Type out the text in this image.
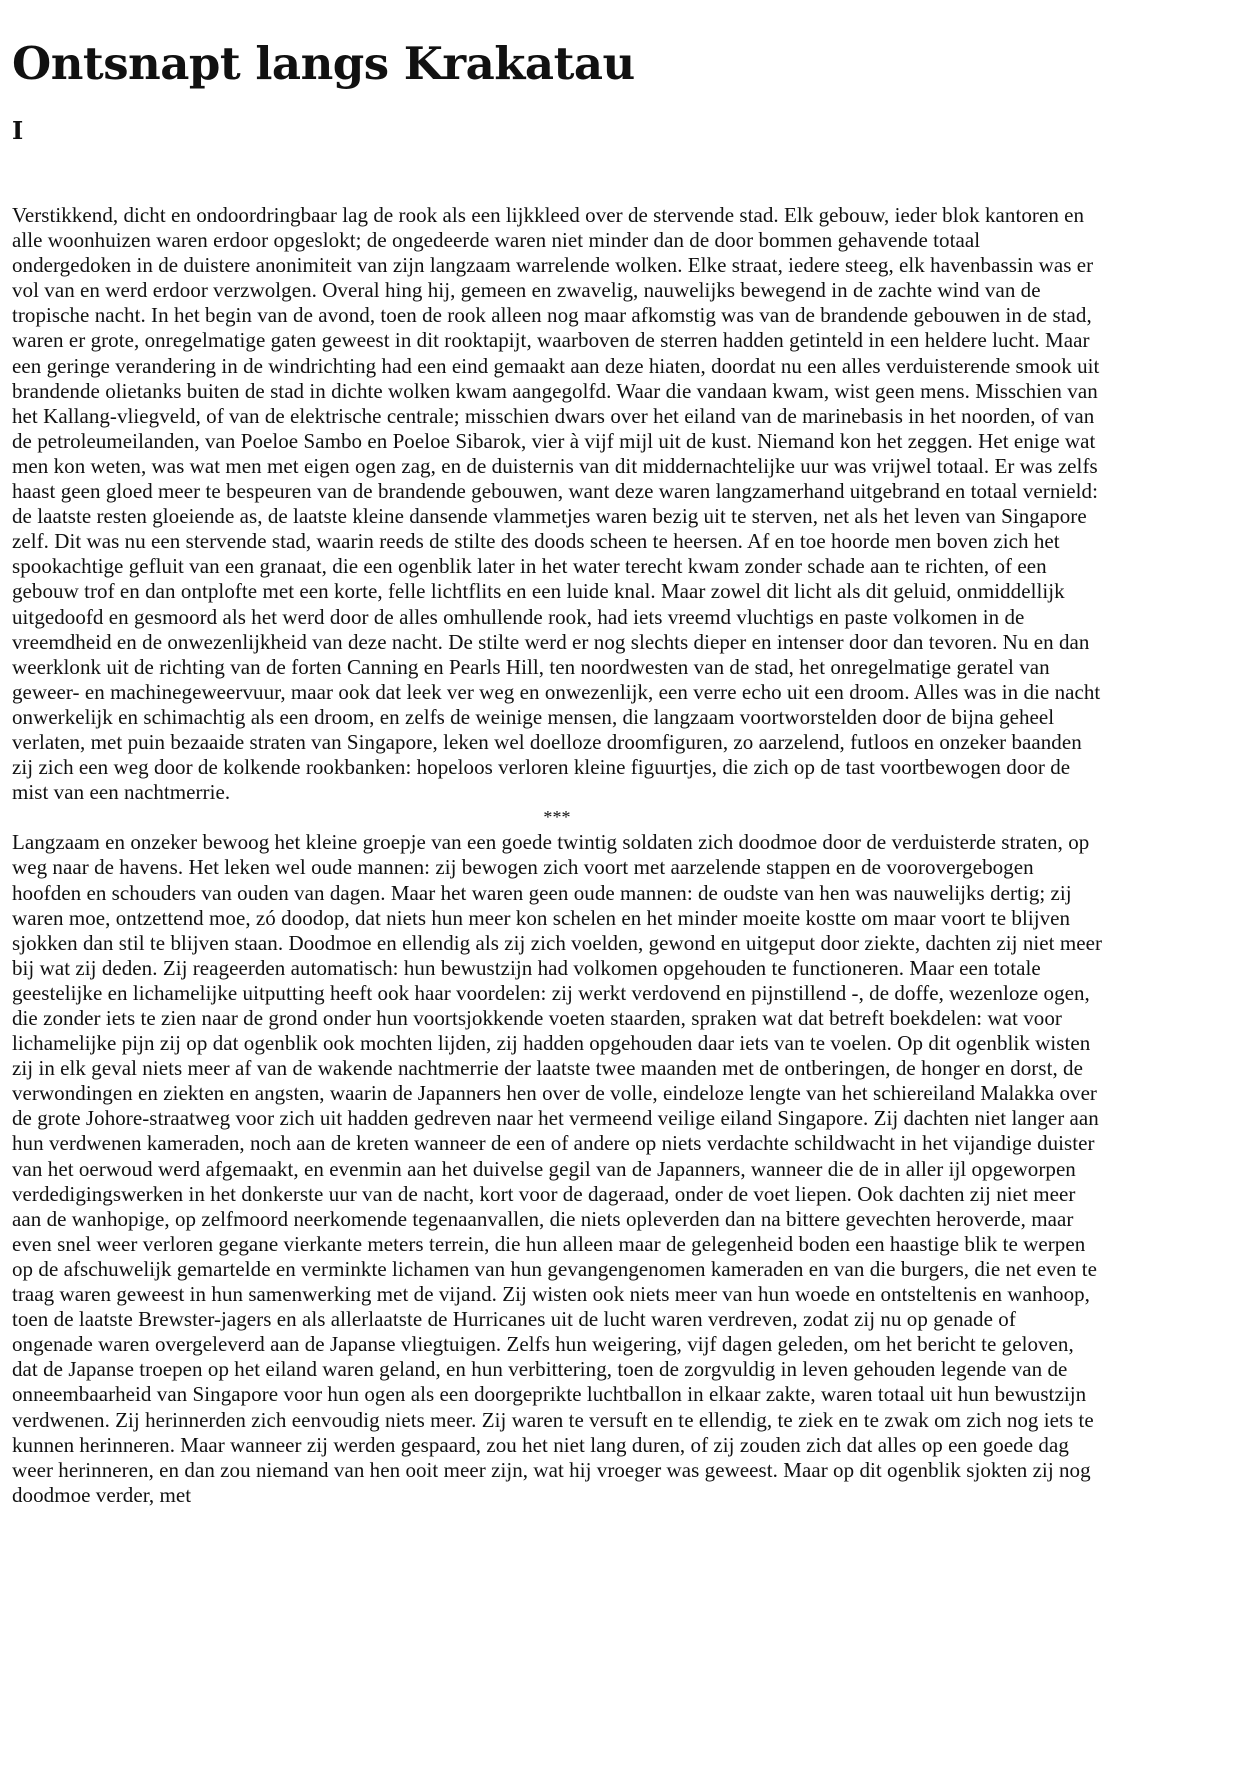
Ontsnapt langs Krakatau
I

Verstikkend, dicht en ondoordringbaar lag de rook als een lijkkleed over de stervende stad. Elk gebouw, ieder blok kantoren en alle woonhuizen waren erdoor opgeslokt; de ongedeerde waren niet minder dan de door bommen gehavende totaal ondergedoken in de duistere anonimiteit van zijn langzaam warrelende wolken. Elke straat, iedere steeg, elk havenbassin was er vol van en werd erdoor verzwolgen. Overal hing hij, gemeen en zwavelig, nauwelijks bewegend in de zachte wind van de tropische nacht. In het begin van de avond, toen de rook alleen nog maar afkomstig was van de brandende gebouwen in de stad, waren er grote, onregelmatige gaten geweest in dit rooktapijt, waarboven de sterren hadden getinteld in een heldere lucht. Maar een geringe verandering in de windrichting had een eind gemaakt aan deze hiaten, doordat nu een alles verduisterende smook uit brandende olietanks buiten de stad in dichte wolken kwam aangegolfd. Waar die vandaan kwam, wist geen mens. Misschien van het Kallang-vliegveld, of van de elektrische centrale; misschien dwars over het eiland van de marinebasis in het noorden, of van de petroleumeilanden, van Poeloe Sambo en Poeloe Sibarok, vier à vijf mijl uit de kust. Niemand kon het zeggen. Het enige wat men kon weten, was wat men met eigen ogen zag, en de duisternis van dit middernachtelijke uur was vrijwel totaal. Er was zelfs haast geen gloed meer te bespeuren van de brandende gebouwen, want deze waren langzamerhand uitgebrand en totaal vernield: de laatste resten gloeiende as, de laatste kleine dansende vlammetjes waren bezig uit te sterven, net als het leven van Singapore zelf. Dit was nu een stervende stad, waarin reeds de stilte des doods scheen te heersen. Af en toe hoorde men boven zich het spookachtige gefluit van een granaat, die een ogenblik later in het water terecht kwam zonder schade aan te richten, of een gebouw trof en dan ontplofte met een korte, felle lichtflits en een luide knal. Maar zowel dit licht als dit geluid, onmiddellijk uitgedoofd en gesmoord als het werd door de alles omhullende rook, had iets vreemd vluchtigs en paste volkomen in de vreemdheid en de onwezenlijkheid van deze nacht. De stilte werd er nog slechts dieper en intenser door dan tevoren. Nu en dan weerklonk uit de richting van de forten Canning en Pearls Hill, ten noordwesten van de stad, het onregelmatige geratel van geweer- en machinegeweervuur, maar ook dat leek ver weg en onwezenlijk, een verre echo uit een droom. Alles was in die nacht onwerkelijk en schimachtig als een droom, en zelfs de weinige mensen, die langzaam voortworstelden door de bijna geheel verlaten, met puin bezaaide straten van Singapore, leken wel doelloze droomfiguren, zo aarzelend, futloos en onzeker baanden zij zich een weg door de kolkende rookbanken: hopeloos verloren kleine figuurtjes, die zich op de tast voortbewogen door de mist van een nachtmerrie.

***

Langzaam en onzeker bewoog het kleine groepje van een goede twintig soldaten zich doodmoe door de verduisterde straten, op weg naar de havens. Het leken wel oude mannen: zij bewogen zich voort met aarzelende stappen en de voorovergebogen hoofden en schouders van ouden van dagen. Maar het waren geen oude mannen: de oudste van hen was nauwelijks dertig; zij waren moe, ontzettend moe, zó doodop, dat niets hun meer kon schelen en het minder moeite kostte om maar voort te blijven sjokken dan stil te blijven staan. Doodmoe en ellendig als zij zich voelden, gewond en uitgeput door ziekte, dachten zij niet meer bij wat zij deden. Zij reageerden automatisch: hun bewustzijn had volkomen opgehouden te functioneren. Maar een totale geestelijke en lichamelijke uitputting heeft ook haar voordelen: zij werkt verdovend en pijnstillend -, de doffe, wezenloze ogen, die zonder iets te zien naar de grond onder hun voortsjokkende voeten staarden, spraken wat dat betreft boekdelen: wat voor lichamelijke pijn zij op dat ogenblik ook mochten lijden, zij hadden opgehouden daar iets van te voelen. Op dit ogenblik wisten zij in elk geval niets meer af van de wakende nachtmerrie der laatste twee maanden met de ontberingen, de honger en dorst, de verwondingen en ziekten en angsten, waarin de Japanners hen over de volle, eindeloze lengte van het schiereiland Malakka over de grote Johore-straatweg voor zich uit hadden gedreven naar het vermeend veilige eiland Singapore. Zij dachten niet langer aan hun verdwenen kameraden, noch aan de kreten wanneer de een of andere op niets verdachte schildwacht in het vijandige duister van het oerwoud werd afgemaakt, en evenmin aan het duivelse gegil van de Japanners, wanneer die de in aller ijl opgeworpen verdedigingswerken in het donkerste uur van de nacht, kort voor de dageraad, onder de voet liepen. Ook dachten zij niet meer aan de wanhopige, op zelfmoord neerkomende tegenaanvallen, die niets opleverden dan na bittere gevechten heroverde, maar even snel weer verloren gegane vierkante meters terrein, die hun alleen maar de gelegenheid boden een haastige blik te werpen op de afschuwelijk gemartelde en verminkte lichamen van hun gevangengenomen kameraden en van die burgers, die net even te traag waren geweest in hun samenwerking met de vijand. Zij wisten ook niets meer van hun woede en ontsteltenis en wanhoop, toen de laatste Brewster-jagers en als allerlaatste de Hurricanes uit de lucht waren verdreven, zodat zij nu op genade of ongenade waren overgeleverd aan de Japanse vliegtuigen. Zelfs hun weigering, vijf dagen geleden, om het bericht te geloven, dat de Japanse troepen op het eiland waren geland, en hun verbittering, toen de zorgvuldig in leven gehouden legende van de onneembaarheid van Singapore voor hun ogen als een doorgeprikte luchtballon in elkaar zakte, waren totaal uit hun bewustzijn verdwenen. Zij herinnerden zich eenvoudig niets meer. Zij waren te versuft en te ellendig, te ziek en te zwak om zich nog iets te kunnen herinneren. Maar wanneer zij werden gespaard, zou het niet lang duren, of zij zouden zich dat alles op een goede dag weer herinneren, en dan zou niemand van hen ooit meer zijn, wat hij vroeger was geweest. Maar op dit ogenblik sjokten zij nog doodmoe verder, met
